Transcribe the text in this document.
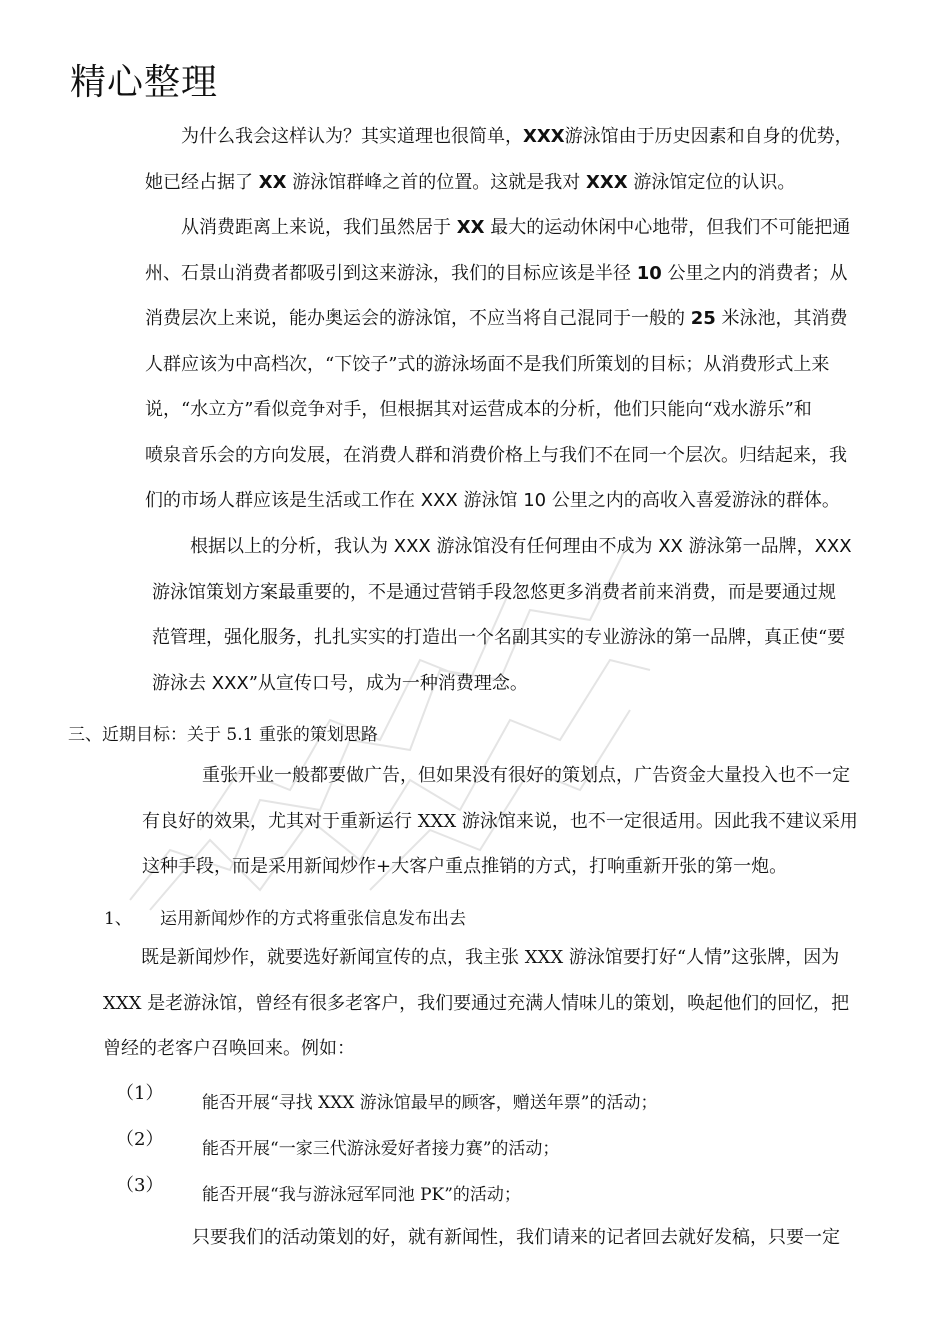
精心整理
为什么我会这样认为？其实道理也很简单，XXX游泳馆由于历史因素和自身的优势，
她已经占据了 XX 游泳馆群峰之首的位置。这就是我对 XXX 游泳馆定位的认识。
从消费距离上来说，我们虽然居于 XX 最大的运动休闲中心地带，但我们不可能把通
州、石景山消费者都吸引到这来游泳，我们的目标应该是半径 10 公里之内的消费者；从
消费层次上来说，能办奥运会的游泳馆，不应当将自己混同于一般的 25 米泳池，其消费
人群应该为中高档次，“下饺子”式的游泳场面不是我们所策划的目标；从消费形式上来
说，“水立方”看似竞争对手，但根据其对运营成本的分析，他们只能向“戏水游乐”和
喷泉音乐会的方向发展，在消费人群和消费价格上与我们不在同一个层次。归结起来，我
们的市场人群应该是生活或工作在 XXX 游泳馆 10 公里之内的高收入喜爱游泳的群体。
根据以上的分析，我认为 XXX 游泳馆没有任何理由不成为 XX 游泳第一品牌，XXX
游泳馆策划方案最重要的，不是通过营销手段忽悠更多消费者前来消费，而是要通过规
范管理，强化服务，扎扎实实的打造出一个名副其实的专业游泳的第一品牌，真正使“要
游泳去 XXX”从宣传口号，成为一种消费理念。

三、近期目标：关于 5.1 重张的策划思路

重张开业一般都要做广告，但如果没有很好的策划点，广告资金大量投入也不一定
有良好的效果，尤其对于重新运行 XXX 游泳馆来说，也不一定很适用。因此我不建议采用
这种手段，而是采用新闻炒作+大客户重点推销的方式，打响重新开张的第一炮。

1、 运用新闻炒作的方式将重张信息发布出去

既是新闻炒作，就要选好新闻宣传的点，我主张 XXX 游泳馆要打好“人情”这张牌，因为
XXX 是老游泳馆，曾经有很多老客户，我们要通过充满人情味儿的策划，唤起他们的回忆，把
曾经的老客户召唤回来。例如：

（1） 能否开展“寻找 XXX 游泳馆最早的顾客，赠送年票”的活动；

（2） 能否开展“一家三代游泳爱好者接力赛”的活动；

（3） 能否开展“我与游泳冠军同池 PK”的活动；

只要我们的活动策划的好，就有新闻性，我们请来的记者回去就好发稿，只要一定
